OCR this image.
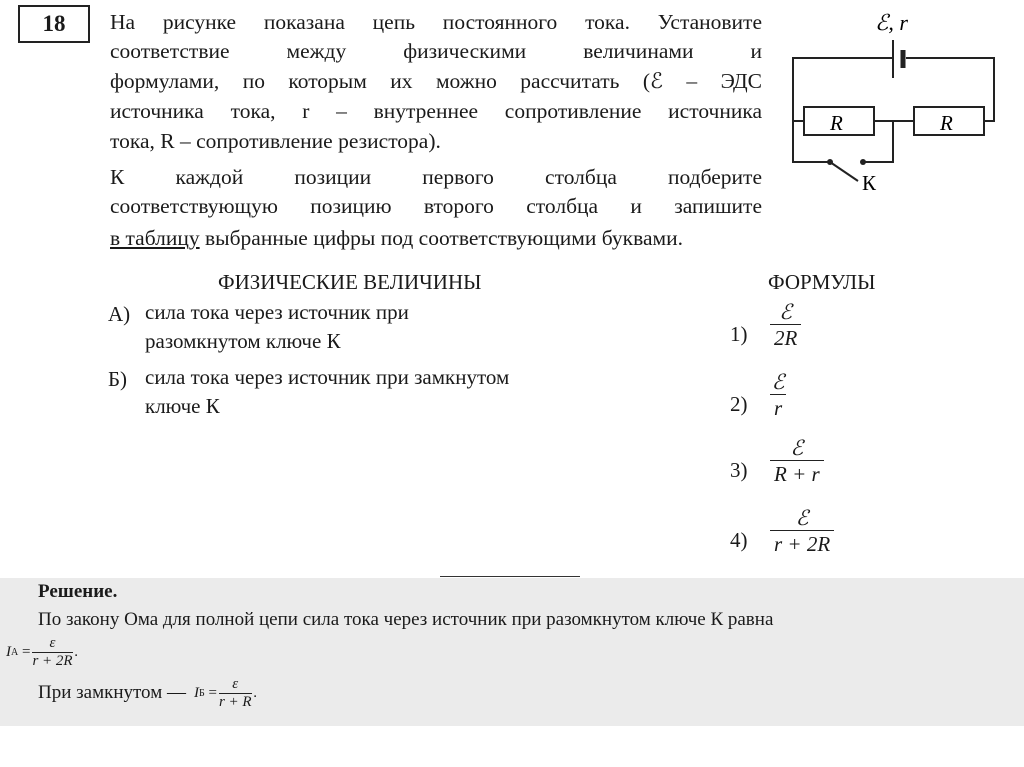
18	На рисунке показана цепь постоянного тока. Установите
соответствие между физическими величинами и
формулами, по которым их можно рассчитать (ℰ – ЭДС
источника тока, r – внутреннее сопротивление источника
тока, R – сопротивление резистора).
К каждой позиции первого столбца подберите
соответствующую позицию второго столбца и запишите
в таблицу выбранные цифры под соответствующими буквами.
ℰ, r
R	R
К
ФИЗИЧЕСКИЕ ВЕЛИЧИНЫ	ФОРМУЛЫ
А) сила тока через источник при
разомкнутом ключе К
Б) сила тока через источник при замкнутом
ключе К
1)
ℰ
2R
2)
ℰ
r
3)
ℰ
R + r
4)
ℰ
r + 2R
Решение.
По закону Ома для полной цепи сила тока через источник при разомкнутом ключе К равна
I А
=
ε
r + 2R
.
При замкнутом — I Б
=
ε
r + R
.
